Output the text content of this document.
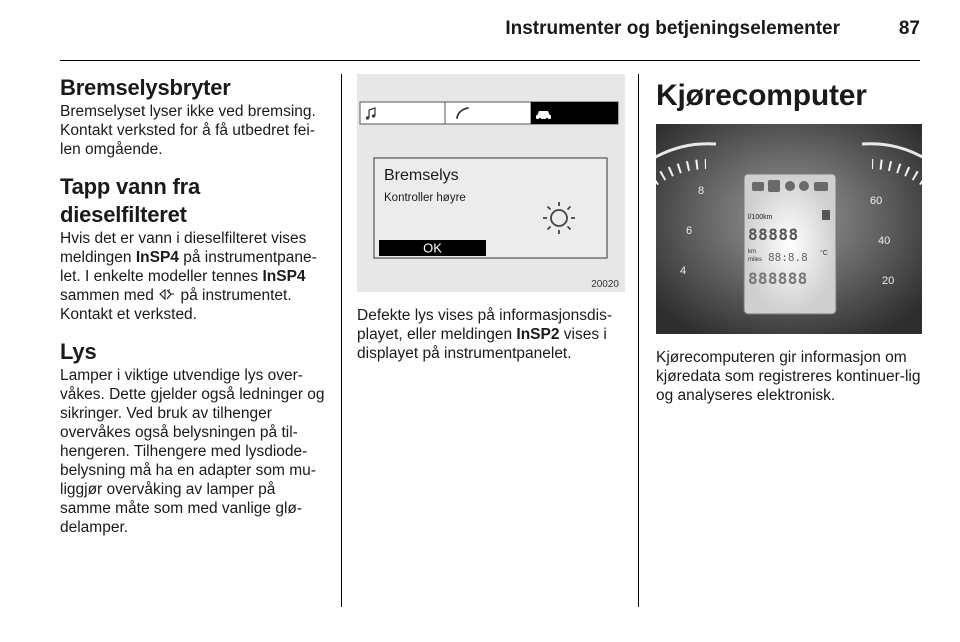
Instrumenter og betjeningselementer	87
Bremselysbryter

Bremselyset lyser ikke ved bremsing. Kontakt verksted for å få utbedret fei-len omgående.

Tapp vann fra dieselfilteret

Hvis det er vann i dieselfilteret vises meldingen InSP4 på instrumentpane-let. I enkelte modeller tennes InSP4 sammen med  på instrumentet. Kontakt et verksted.

Lys

Lamper i viktige utvendige lys over-våkes. Dette gjelder også ledninger og sikringer. Ved bruk av tilhenger overvåkes også belysningen på til-hengeren. Tilhengere med lysdiode-belysning må ha en adapter som mu-liggjør overvåking av lamper på samme måte som med vanlige glø-delamper.

Bremselys
Kontroller høyre
OK
20020

Defekte lys vises på informasjonsdis-playet, eller meldingen InSP2 vises i displayet på instrumentpanelet.

Kjørecomputer
8
6
4
60
40
20
l/100km
88888
km
miles 88:8.8 °C
888888

Kjørecomputeren gir informasjon om kjøredata som registreres kontinuer-lig og analyseres elektronisk.
